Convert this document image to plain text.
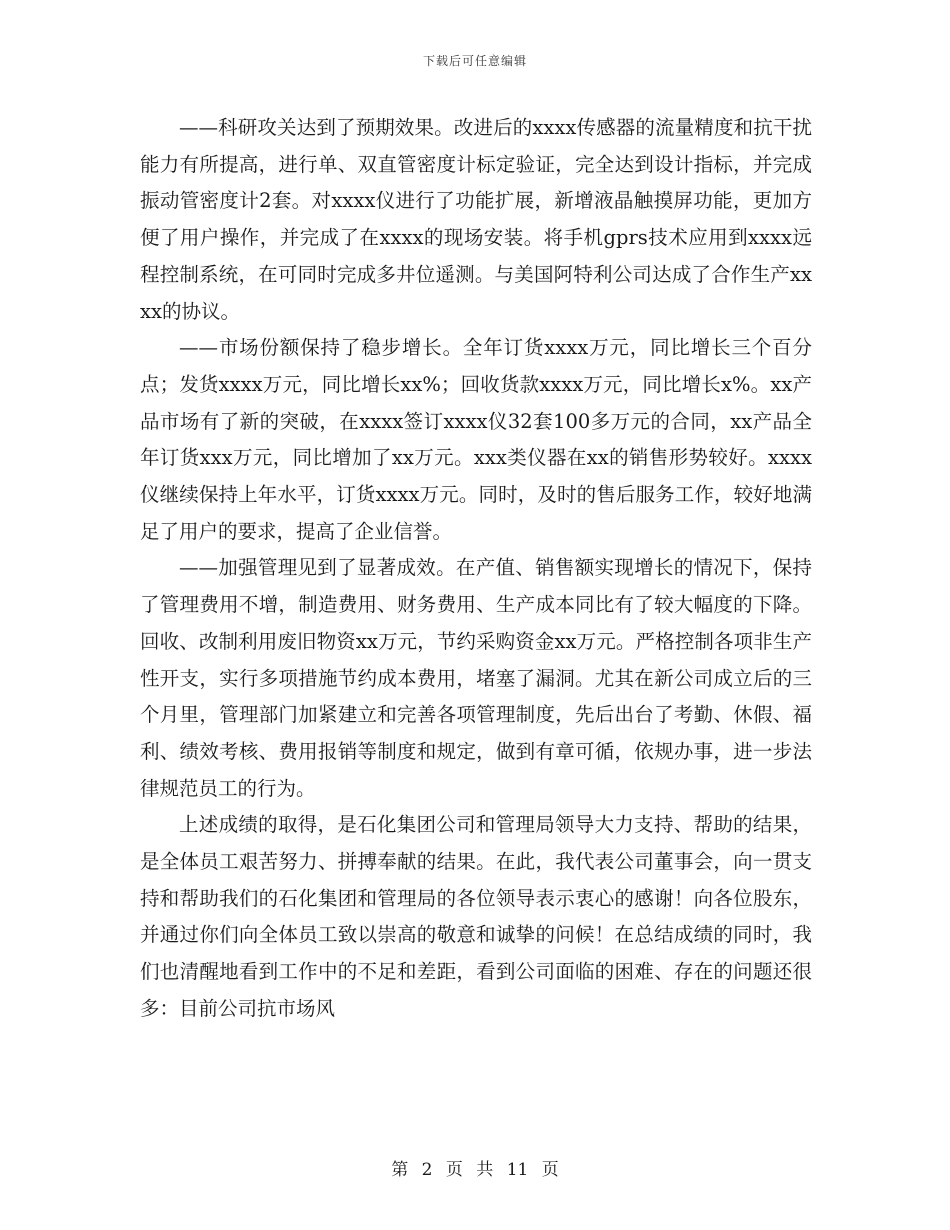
下载后可任意编辑

——科研攻关达到了预期效果。改进后的xxxx传感器的流量精度和抗干扰能力有所提高，进行单、双直管密度计标定验证，完全达到设计指标，并完成振动管密度计2套。对xxxx仪进行了功能扩展，新增液晶触摸屏功能，更加方便了用户操作，并完成了在xxxx的现场安装。将手机gprs技术应用到xxxx远程控制系统，在可同时完成多井位遥测。与美国阿特利公司达成了合作生产xxxx的协议。

——市场份额保持了稳步增长。全年订货xxxx万元，同比增长三个百分点；发货xxxx万元，同比增长xx%；回收货款xxxx万元，同比增长x%。xx产品市场有了新的突破，在xxxx签订xxxx仪32套100多万元的合同，xx产品全年订货xxx万元，同比增加了xx万元。xxx类仪器在xx的销售形势较好。xxxx仪继续保持上年水平，订货xxxx万元。同时，及时的售后服务工作，较好地满足了用户的要求，提高了企业信誉。

——加强管理见到了显著成效。在产值、销售额实现增长的情况下，保持了管理费用不增，制造费用、财务费用、生产成本同比有了较大幅度的下降。回收、改制利用废旧物资xx万元，节约采购资金xx万元。严格控制各项非生产性开支，实行多项措施节约成本费用，堵塞了漏洞。尤其在新公司成立后的三个月里，管理部门加紧建立和完善各项管理制度，先后出台了考勤、休假、福利、绩效考核、费用报销等制度和规定，做到有章可循，依规办事，进一步法律规范员工的行为。

上述成绩的取得，是石化集团公司和管理局领导大力支持、帮助的结果，是全体员工艰苦努力、拼搏奉献的结果。在此，我代表公司董事会，向一贯支持和帮助我们的石化集团和管理局的各位领导表示衷心的感谢！向各位股东，并通过你们向全体员工致以崇高的敬意和诚挚的问候！在总结成绩的同时，我们也清醒地看到工作中的不足和差距，看到公司面临的困难、存在的问题还很多：目前公司抗市场风

第 2 页 共 11 页
